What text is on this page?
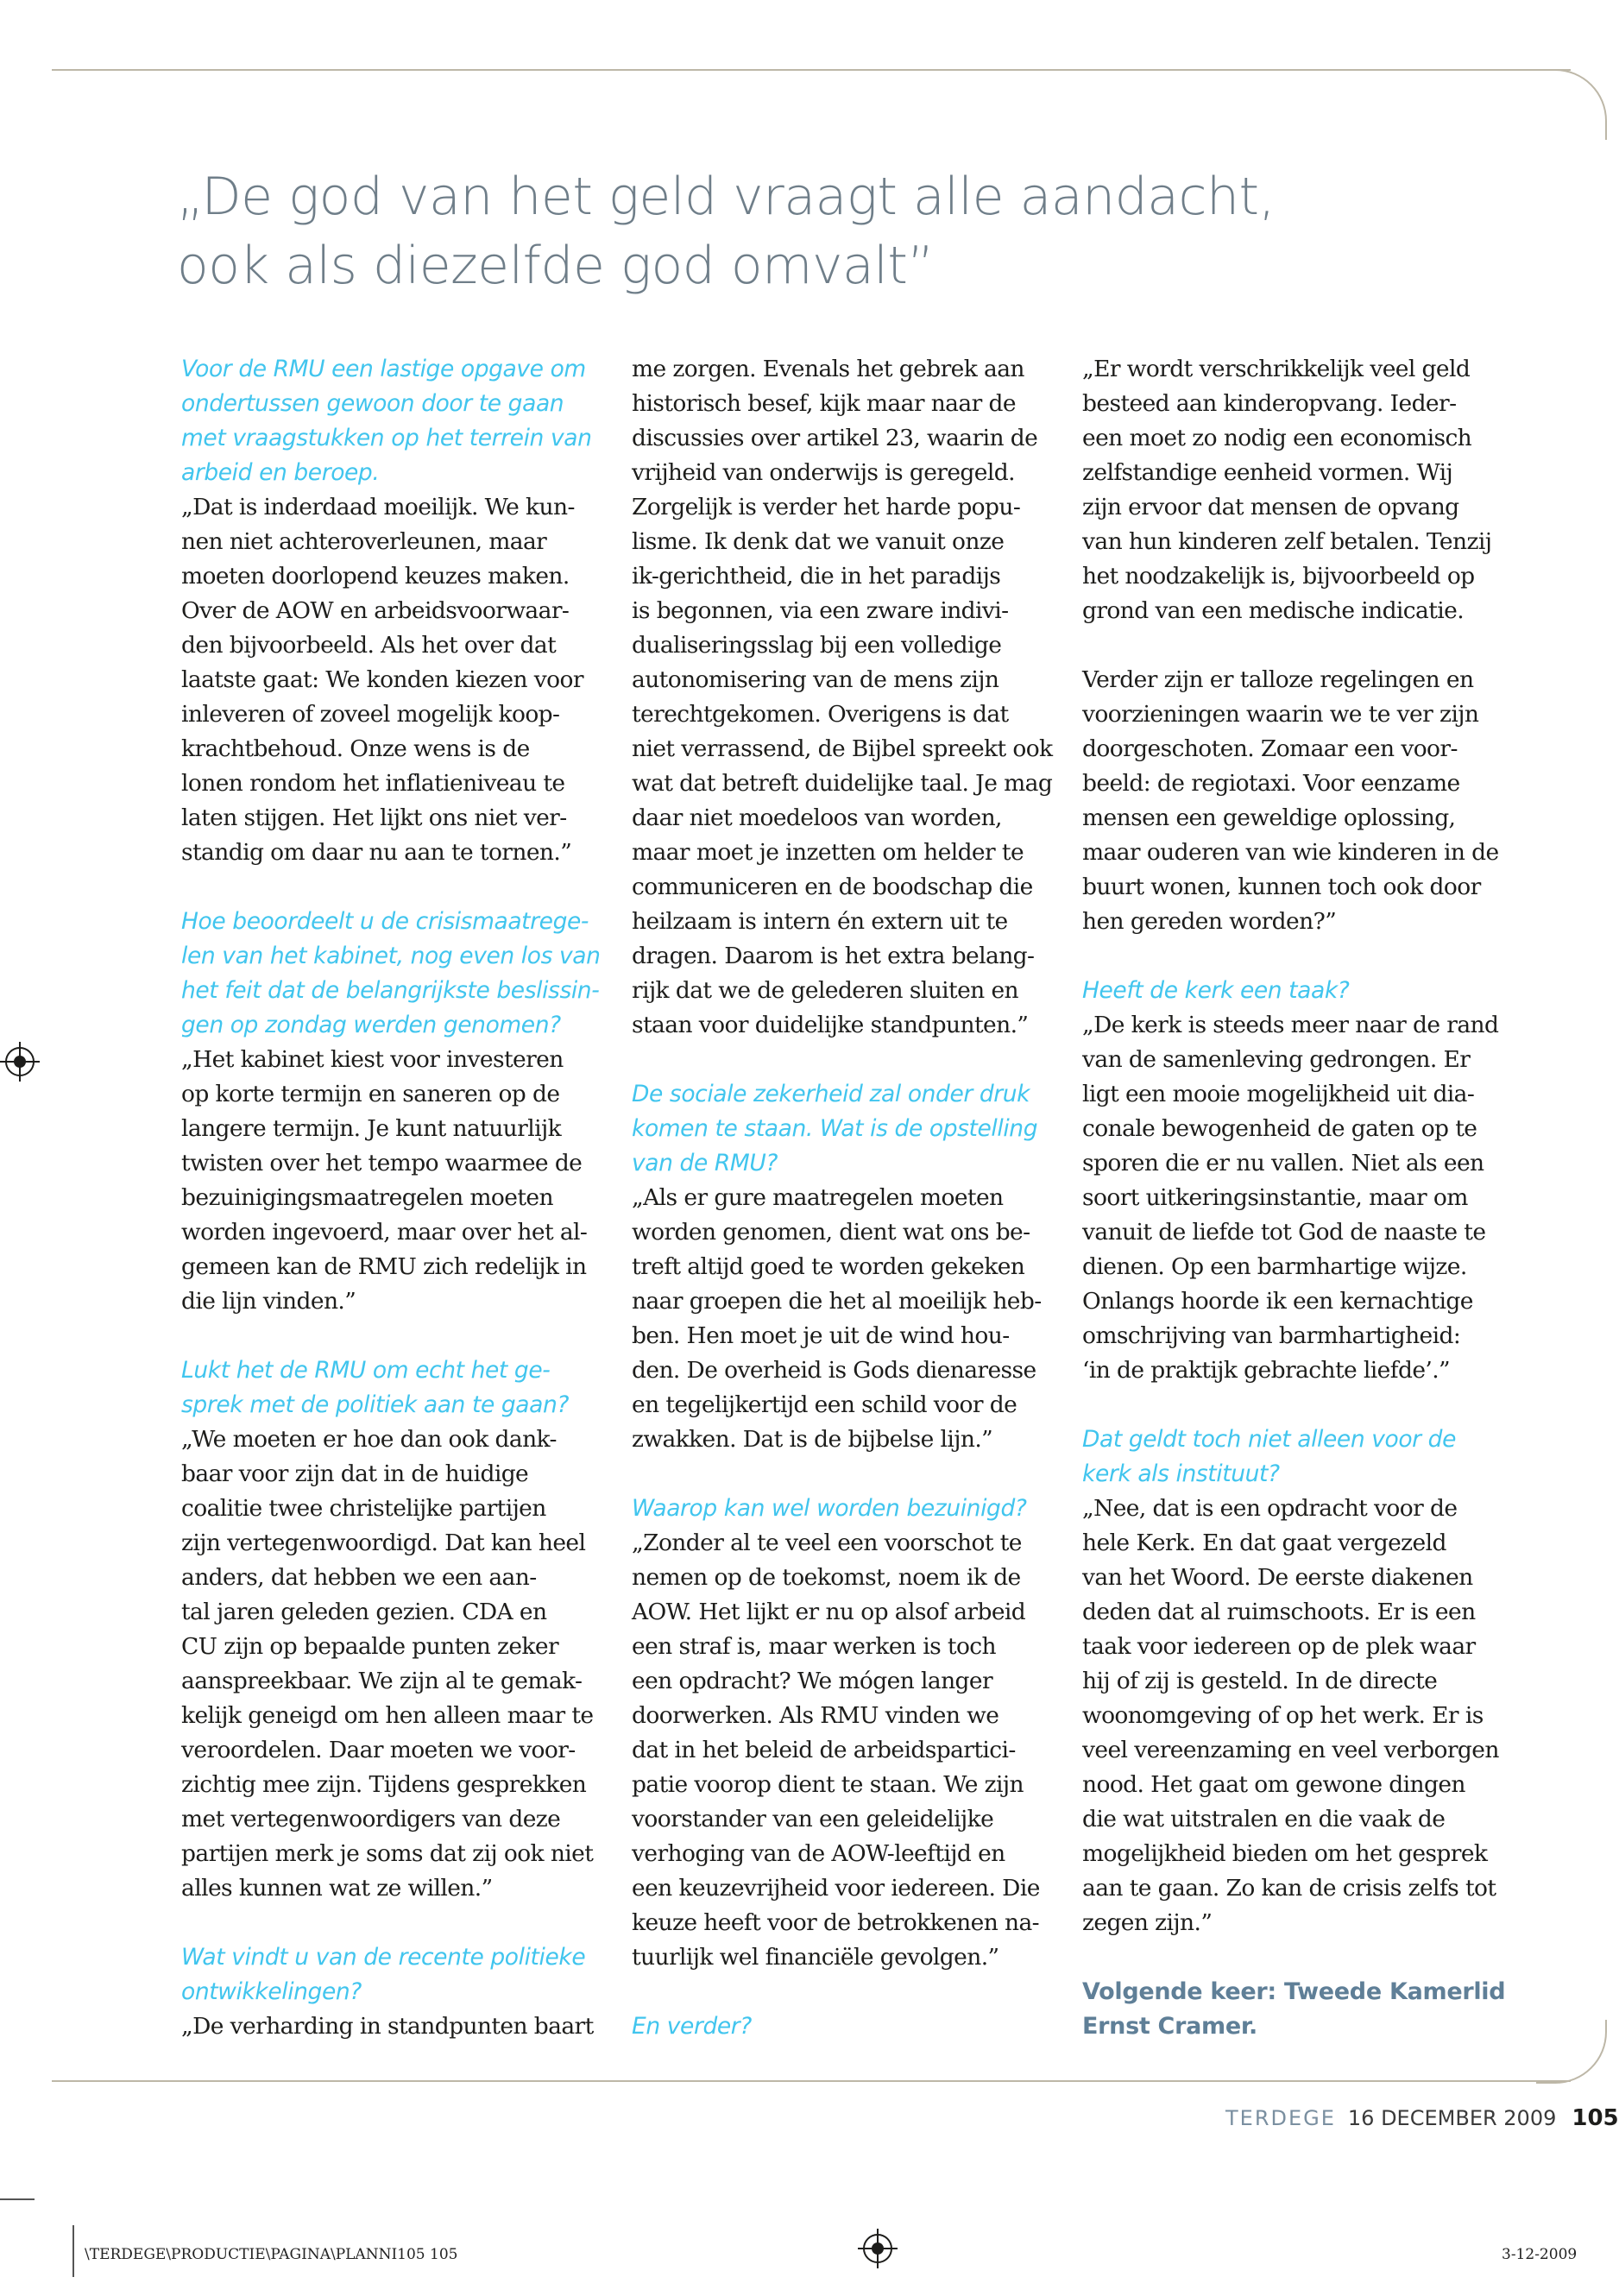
„De god van het geld vraagt alle aandacht,
ook als diezelfde god omvalt”

Voor de RMU een lastige opgave om
ondertussen gewoon door te gaan
met vraagstukken op het terrein van
arbeid en beroep.

„Dat is inderdaad moeilijk. We kun-
nen niet achteroverleunen, maar
moeten doorlopend keuzes maken.
Over de AOW en arbeidsvoorwaar-
den bijvoorbeeld. Als het over dat
laatste gaat: We konden kiezen voor
inleveren of zoveel mogelijk koop-
krachtbehoud. Onze wens is de
lonen rondom het inflatieniveau te
laten stijgen. Het lijkt ons niet ver-
standig om daar nu aan te tornen.”

Hoe beoordeelt u de crisismaatrege-
len van het kabinet, nog even los van
het feit dat de belangrijkste beslissin-
gen op zondag werden genomen?

„Het kabinet kiest voor investeren
op korte termijn en saneren op de
langere termijn. Je kunt natuurlijk
twisten over het tempo waarmee de
bezuinigingsmaatregelen moeten
worden ingevoerd, maar over het al-
gemeen kan de RMU zich redelijk in
die lijn vinden.”

Lukt het de RMU om echt het ge-
sprek met de politiek aan te gaan?

„We moeten er hoe dan ook dank-
baar voor zijn dat in de huidige
coalitie twee christelijke partijen
zijn vertegenwoordigd. Dat kan heel
anders, dat hebben we een aan-
tal jaren geleden gezien. CDA en
CU zijn op bepaalde punten zeker
aanspreekbaar. We zijn al te gemak-
kelijk geneigd om hen alleen maar te
veroordelen. Daar moeten we voor-
zichtig mee zijn. Tijdens gesprekken
met vertegenwoordigers van deze
partijen merk je soms dat zij ook niet
alles kunnen wat ze willen.”

Wat vindt u van de recente politieke
ontwikkelingen?

„De verharding in standpunten baart

me zorgen. Evenals het gebrek aan
historisch besef, kijk maar naar de
discussies over artikel 23, waarin de
vrijheid van onderwijs is geregeld.
Zorgelijk is verder het harde popu-
lisme. Ik denk dat we vanuit onze
ik-gerichtheid, die in het paradijs
is begonnen, via een zware indivi-
dualiseringsslag bij een volledige
autonomisering van de mens zijn
terechtgekomen. Overigens is dat
niet verrassend, de Bijbel spreekt ook
wat dat betreft duidelijke taal. Je mag
daar niet moedeloos van worden,
maar moet je inzetten om helder te
communiceren en de boodschap die
heilzaam is intern én extern uit te
dragen. Daarom is het extra belang-
rijk dat we de gelederen sluiten en
staan voor duidelijke standpunten.”

De sociale zekerheid zal onder druk
komen te staan. Wat is de opstelling
van de RMU?

„Als er gure maatregelen moeten
worden genomen, dient wat ons be-
treft altijd goed te worden gekeken
naar groepen die het al moeilijk heb-
ben. Hen moet je uit de wind hou-
den. De overheid is Gods dienaresse
en tegelijkertijd een schild voor de
zwakken. Dat is de bijbelse lijn.”

Waarop kan wel worden bezuinigd?

„Zonder al te veel een voorschot te
nemen op de toekomst, noem ik de
AOW. Het lijkt er nu op alsof arbeid
een straf is, maar werken is toch
een opdracht? We mógen langer
doorwerken. Als RMU vinden we
dat in het beleid de arbeidspartici-
patie voorop dient te staan. We zijn
voorstander van een geleidelijke
verhoging van de AOW-leeftijd en
een keuzevrijheid voor iedereen. Die
keuze heeft voor de betrokkenen na-
tuurlijk wel financiële gevolgen.”

En verder?

„Er wordt verschrikkelijk veel geld
besteed aan kinderopvang. Ieder-
een moet zo nodig een economisch
zelfstandige eenheid vormen. Wij
zijn ervoor dat mensen de opvang
van hun kinderen zelf betalen. Tenzij
het noodzakelijk is, bijvoorbeeld op
grond van een medische indicatie.

Verder zijn er talloze regelingen en
voorzieningen waarin we te ver zijn
doorgeschoten. Zomaar een voor-
beeld: de regiotaxi. Voor eenzame
mensen een geweldige oplossing,
maar ouderen van wie kinderen in de
buurt wonen, kunnen toch ook door
hen gereden worden?”

Heeft de kerk een taak?

„De kerk is steeds meer naar de rand
van de samenleving gedrongen. Er
ligt een mooie mogelijkheid uit dia-
conale bewogenheid de gaten op te
sporen die er nu vallen. Niet als een
soort uitkeringsinstantie, maar om
vanuit de liefde tot God de naaste te
dienen. Op een barmhartige wijze.
Onlangs hoorde ik een kernachtige
omschrijving van barmhartigheid:
‘in de praktijk gebrachte liefde’.”

Dat geldt toch niet alleen voor de
kerk als instituut?

„Nee, dat is een opdracht voor de
hele Kerk. En dat gaat vergezeld
van het Woord. De eerste diakenen
deden dat al ruimschoots. Er is een
taak voor iedereen op de plek waar
hij of zij is gesteld. In de directe
woonomgeving of op het werk. Er is
veel vereenzaming en veel verborgen
nood. Het gaat om gewone dingen
die wat uitstralen en die vaak de
mogelijkheid bieden om het gesprek
aan te gaan. Zo kan de crisis zelfs tot
zegen zijn.”

Volgende keer: Tweede Kamerlid
Ernst Cramer.

TERDEGE 16 DECEMBER 2009 105
\TERDEGE\PRODUCTIE\PAGINA\PLANNI105 105	3-12-2009
